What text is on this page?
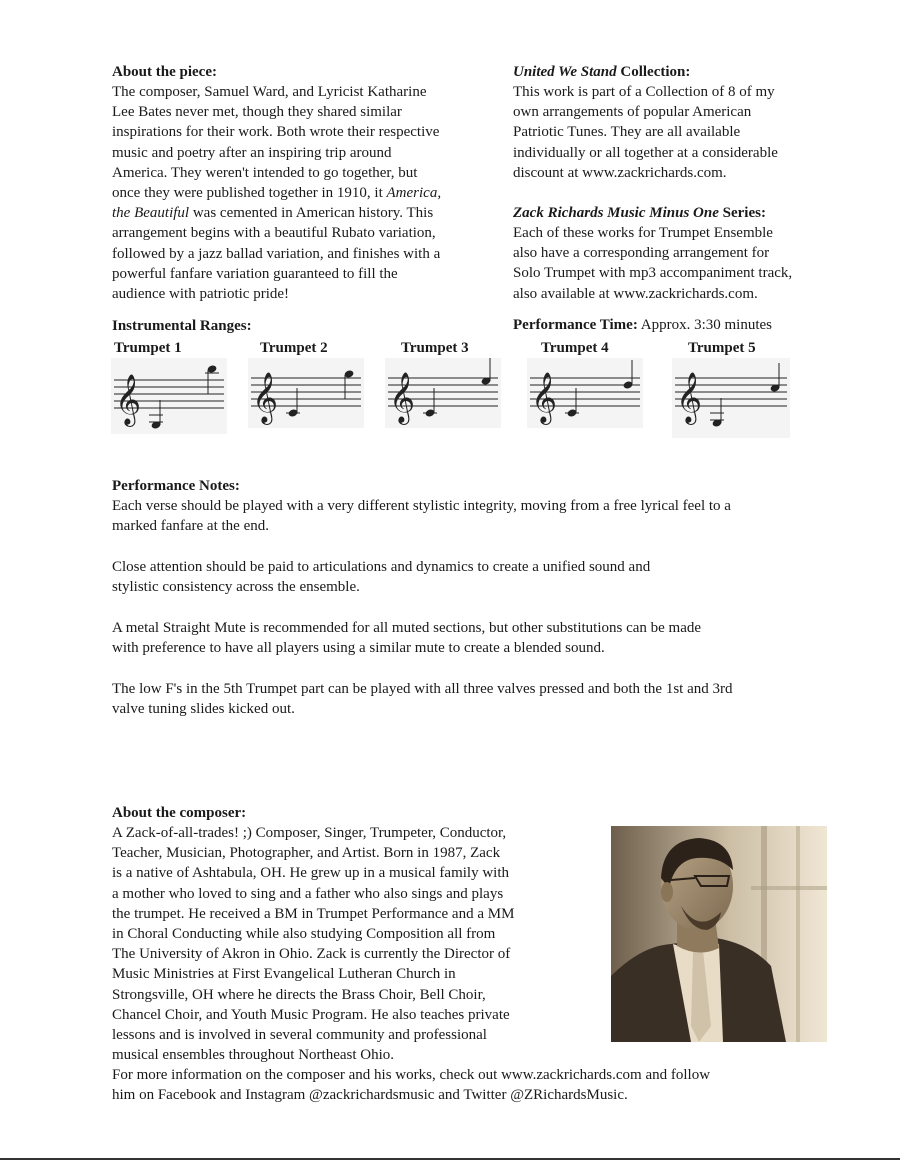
About the piece:

The composer, Samuel Ward, and Lyricist Katharine

Lee Bates never met, though they shared similar

inspirations for their work. Both wrote their respective

music and poetry after an inspiring trip around

America. They weren't intended to go together, but

once they were published together in 1910, it America,

the Beautiful was cemented in American history. This

arrangement begins with a beautiful Rubato variation,

followed by a jazz ballad variation, and finishes with a

powerful fanfare variation guaranteed to fill the

audience with patriotic pride!

Instrumental Ranges:

United We Stand Collection:

This work is part of a Collection of 8 of my

own arrangements of popular American

Patriotic Tunes. They are all available

individually or all together at a considerable

discount at www.zackrichards.com.

Zack Richards Music Minus One Series:

Each of these works for Trumpet Ensemble

also have a corresponding arrangement for

Solo Trumpet with mp3 accompaniment track,

also available at www.zackrichards.com.

Performance Time: Approx. 3:30 minutes

Trumpet 1	Trumpet 2	Trumpet 3	Trumpet 4	Trumpet 5
𝄞	𝄞	𝄞	𝄞	𝄞

Performance Notes:

Each verse should be played with a very different stylistic integrity, moving from a free lyrical feel to a
marked fanfare at the end.
Close attention should be paid to articulations and dynamics to create a unified sound and
stylistic consistency across the ensemble.
A metal Straight Mute is recommended for all muted sections, but other substitutions can be made
with preference to have all players using a similar mute to create a blended sound.
The low F's in the 5th Trumpet part can be played with all three valves pressed and both the 1st and 3rd
valve tuning slides kicked out.

About the composer:

A Zack-of-all-trades! ;) Composer, Singer, Trumpeter, Conductor,

Teacher, Musician, Photographer, and Artist. Born in 1987, Zack

is a native of Ashtabula, OH. He grew up in a musical family with

a mother who loved to sing and a father who also sings and plays

the trumpet. He received a BM in Trumpet Performance and a MM

in Choral Conducting while also studying Composition all from

The University of Akron in Ohio. Zack is currently the Director of

Music Ministries at First Evangelical Lutheran Church in

Strongsville, OH where he directs the Brass Choir, Bell Choir,

Chancel Choir, and Youth Music Program. He also teaches private

lessons and is involved in several community and professional

musical ensembles throughout Northeast Ohio.

For more information on the composer and his works, check out www.zackrichards.com and follow

him on Facebook and Instagram @zackrichardsmusic and Twitter @ZRichardsMusic.
